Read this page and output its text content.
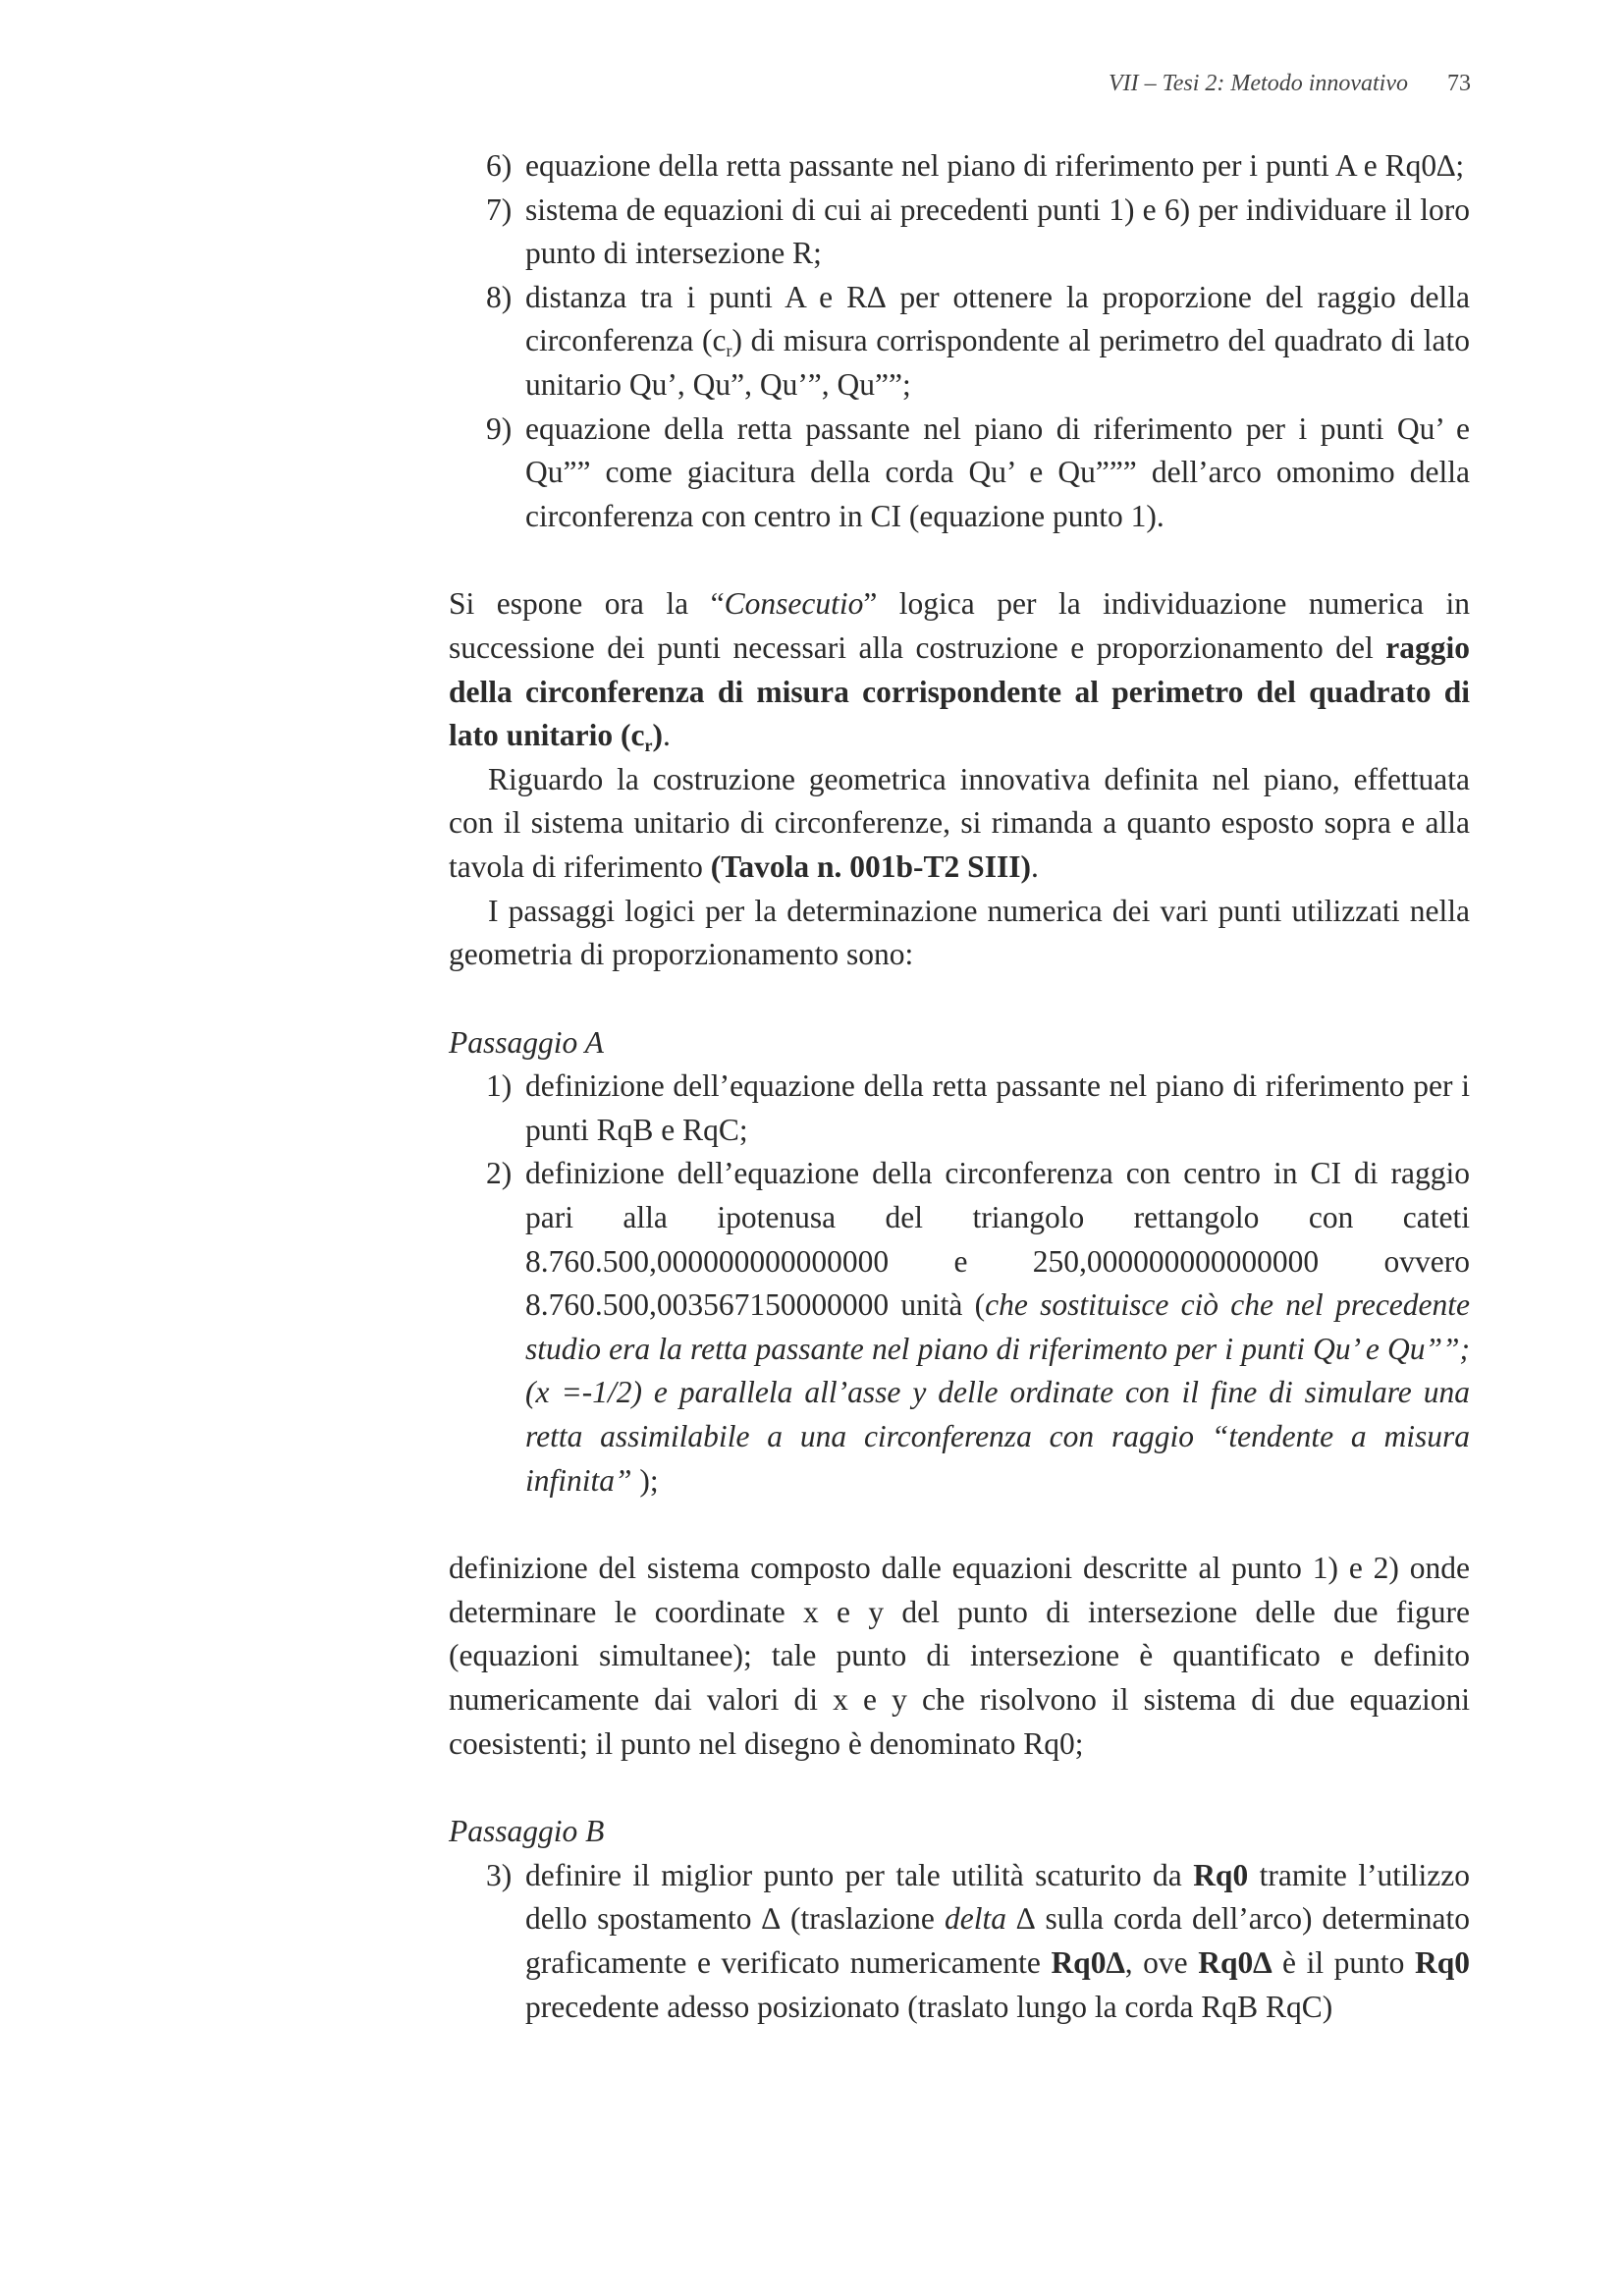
VII – Tesi 2: Metodo innovativo 73
6) equazione della retta passante nel piano di riferimento per i punti A e Rq0∆;
7) sistema de equazioni di cui ai precedenti punti 1) e 6) per individuare il loro punto di intersezione R;
8) distanza tra i punti A e R∆ per ottenere la proporzione del raggio della circonferenza $(c_r)$ di misura corrispondente al perimetro del quadrato di lato unitario Qu’, Qu”, Qu’”, Qu””;
9) equazione della retta passante nel piano di riferimento per i punti Qu’ e Qu”” come giacitura della corda Qu’ e Qu””” dell’arco omonimo della circonferenza con centro in CI (equazione punto 1).

Si espone ora la “Consecutio” logica per la individuazione numerica in successione dei punti necessari alla costruzione e proporzionamento del raggio della circonferenza di misura corrispondente al perimetro del quadrato di lato unitario $(c_r)$.

Riguardo la costruzione geometrica innovativa definita nel piano, effettuata con il sistema unitario di circonferenze, si rimanda a quanto esposto sopra e alla tavola di riferimento (Tavola n. 001b-T2 SIII).

I passaggi logici per la determinazione numerica dei vari punti utilizzati nella geometria di proporzionamento sono:

Passaggio A

1) definizione dell’equazione della retta passante nel piano di riferimento per i punti RqB e RqC;
2) definizione dell’equazione della circonferenza con centro in CI di raggio pari alla ipotenusa del triangolo rettangolo con cateti 8.760.500,000000000000000 e 250,000000000000000 ovvero 8.760.500,003567150000000 unità (che sostituisce ciò che nel precedente studio era la retta passante nel piano di riferimento per i punti Qu’ e Qu””; (x =-1/2) e parallela all’asse y delle ordinate con il fine di simulare una retta assimilabile a una circonferenza con raggio “tendente a misura infinita” );

definizione del sistema composto dalle equazioni descritte al punto 1) e 2) onde determinare le coordinate x e y del punto di intersezione delle due figure (equazioni simultanee); tale punto di intersezione è quantificato e definito numericamente dai valori di x e y che risolvono il sistema di due equazioni coesistenti; il punto nel disegno è denominato Rq0;

Passaggio B

3) definire il miglior punto per tale utilità scaturito da Rq0 tramite l’utilizzo dello spostamento ∆ (traslazione delta ∆ sulla corda dell’arco) determinato graficamente e verificato numericamente Rq0∆, ove Rq0∆ è il punto Rq0 precedente adesso posizionato (traslato lungo la corda RqB RqC)
